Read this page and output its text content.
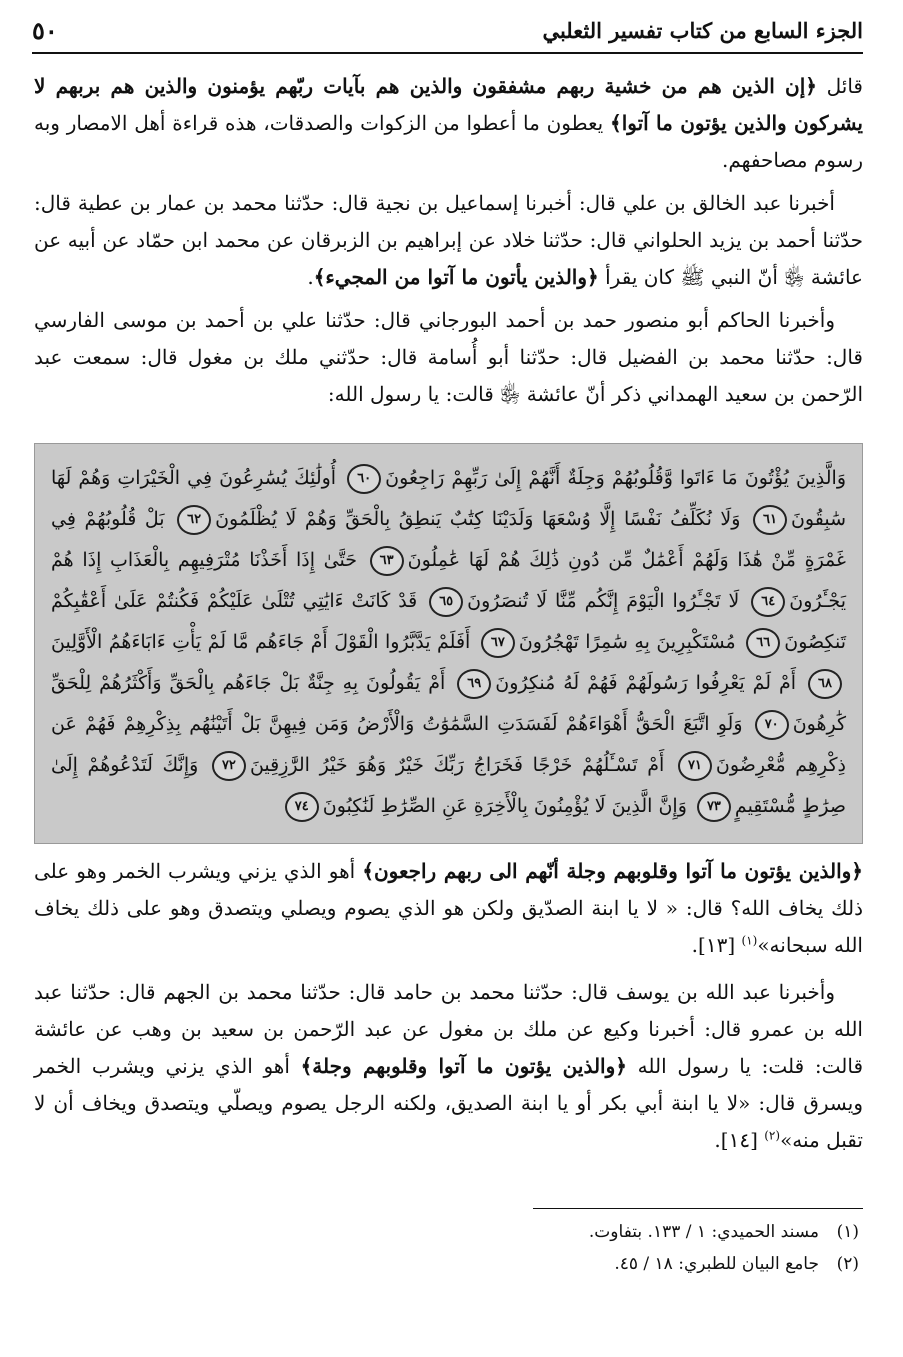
٥٠	الجزء السابع من كتاب تفسير الثعلبي

قائل ﴿إن الذين هم من خشية ربهم مشفقون والذين هم بآيات ربّهم يؤمنون والذين هم بربهم لا يشركون والذين يؤتون ما آتوا﴾ يعطون ما أعطوا من الزكوات والصدقات، هذه قراءة أهل الامصار وبه رسوم مصاحفهم.

أخبرنا عبد الخالق بن علي قال: أخبرنا إسماعيل بن نجية قال: حدّثنا محمد بن عمار بن عطية قال: حدّثنا أحمد بن يزيد الحلواني قال: حدّثنا خلاد عن إبراهيم بن الزبرقان عن محمد ابن حمّاد عن أبيه عن عائشة ﵂ أنّ النبي ﷺ كان يقرأ ﴿والذين يأتون ما آتوا من المجيء﴾.

وأخبرنا الحاكم أبو منصور حمد بن أحمد البورجاني قال: حدّثنا علي بن أحمد بن موسى الفارسي قال: حدّثنا محمد بن الفضيل قال: حدّثنا أبو أُسامة قال: حدّثني ملك بن مغول قال: سمعت عبد الرّحمن بن سعيد الهمداني ذكر أنّ عائشة ﵂ قالت: يا رسول الله:

وَالَّذِينَ يُؤْتُونَ مَا ءَاتَوا وَّقُلُوبُهُمْ وَجِلَةٌ أَنَّهُمْ إِلَىٰ رَبِّهِمْ رَاجِعُونَ٦٠ أُولَٰئِكَ يُسَٰرِعُونَ فِي الْخَيْرَاتِ وَهُمْ لَهَا سَٰبِقُونَ٦١ وَلَا نُكَلِّفُ نَفْسًا إِلَّا وُسْعَهَا وَلَدَيْنَا كِتَٰبٌ يَنطِقُ بِالْحَقِّ وَهُمْ لَا يُظْلَمُونَ٦٢ بَلْ قُلُوبُهُمْ فِي غَمْرَةٍ مِّنْ هَٰذَا وَلَهُمْ أَعْمَٰلٌ مِّن دُونِ ذَٰلِكَ هُمْ لَهَا عَٰمِلُونَ٦٣ حَتَّىٰ إِذَا أَخَذْنَا مُتْرَفِيهِم بِالْعَذَابِ إِذَا هُمْ يَجْـَٔرُونَ٦٤ لَا تَجْـَٔرُوا الْيَوْمَ إِنَّكُم مِّنَّا لَا تُنصَرُونَ٦٥ قَدْ كَانَتْ ءَايَٰتِي تُتْلَىٰ عَلَيْكُمْ فَكُنتُمْ عَلَىٰ أَعْقَٰبِكُمْ تَنكِصُونَ٦٦ مُسْتَكْبِرِينَ بِهِ سَٰمِرًا تَهْجُرُونَ٦٧ أَفَلَمْ يَدَّبَّرُوا الْقَوْلَ أَمْ جَاءَهُم مَّا لَمْ يَأْتِ ءَابَاءَهُمُ الْأَوَّلِينَ٦٨ أَمْ لَمْ يَعْرِفُوا رَسُولَهُمْ فَهُمْ لَهُ مُنكِرُونَ٦٩ أَمْ يَقُولُونَ بِهِ جِنَّةٌ بَلْ جَاءَهُم بِالْحَقِّ وَأَكْثَرُهُمْ لِلْحَقِّ كَٰرِهُونَ٧٠ وَلَوِ اتَّبَعَ الْحَقُّ أَهْوَاءَهُمْ لَفَسَدَتِ السَّمَٰوَٰتُ وَالْأَرْضُ وَمَن فِيهِنَّ بَلْ أَتَيْنَٰهُم بِذِكْرِهِمْ فَهُمْ عَن ذِكْرِهِم مُّعْرِضُونَ٧١ أَمْ تَسْـَٔلُهُمْ خَرْجًا فَخَرَاجُ رَبِّكَ خَيْرٌ وَهُوَ خَيْرُ الرَّٰزِقِينَ٧٢ وَإِنَّكَ لَتَدْعُوهُمْ إِلَىٰ صِرَٰطٍ مُّسْتَقِيمٍ٧٣ وَإِنَّ الَّذِينَ لَا يُؤْمِنُونَ بِالْأَخِرَةِ عَنِ الصِّرَٰطِ لَنَٰكِبُونَ٧٤

﴿والذين يؤتون ما آتوا وقلوبهم وجلة أنّهم الى ربهم راجعون﴾ أهو الذي يزني ويشرب الخمر وهو على ذلك يخاف الله؟ قال: « لا يا ابنة الصدّيق ولكن هو الذي يصوم ويصلي ويتصدق وهو على ذلك يخاف الله سبحانه»$^{(١)}$ [١٣].

وأخبرنا عبد الله بن يوسف قال: حدّثنا محمد بن حامد قال: حدّثنا محمد بن الجهم قال: حدّثنا عبد الله بن عمرو قال: أخبرنا وكيع عن ملك بن مغول عن عبد الرّحمن بن سعيد بن وهب عن عائشة قالت: قلت: يا رسول الله ﴿والذين يؤتون ما آتوا وقلوبهم وجلة﴾ أهو الذي يزني ويشرب الخمر ويسرق قال: «لا يا ابنة أبي بكر أو يا ابنة الصديق، ولكنه الرجل يصوم ويصلّي ويتصدق ويخاف أن لا تقبل منه»$^{(٢)}$ [١٤].

(١)مسند الحميدي: ١ / ١٣٣. بتفاوت.
(٢)جامع البيان للطبري: ١٨ / ٤٥.
